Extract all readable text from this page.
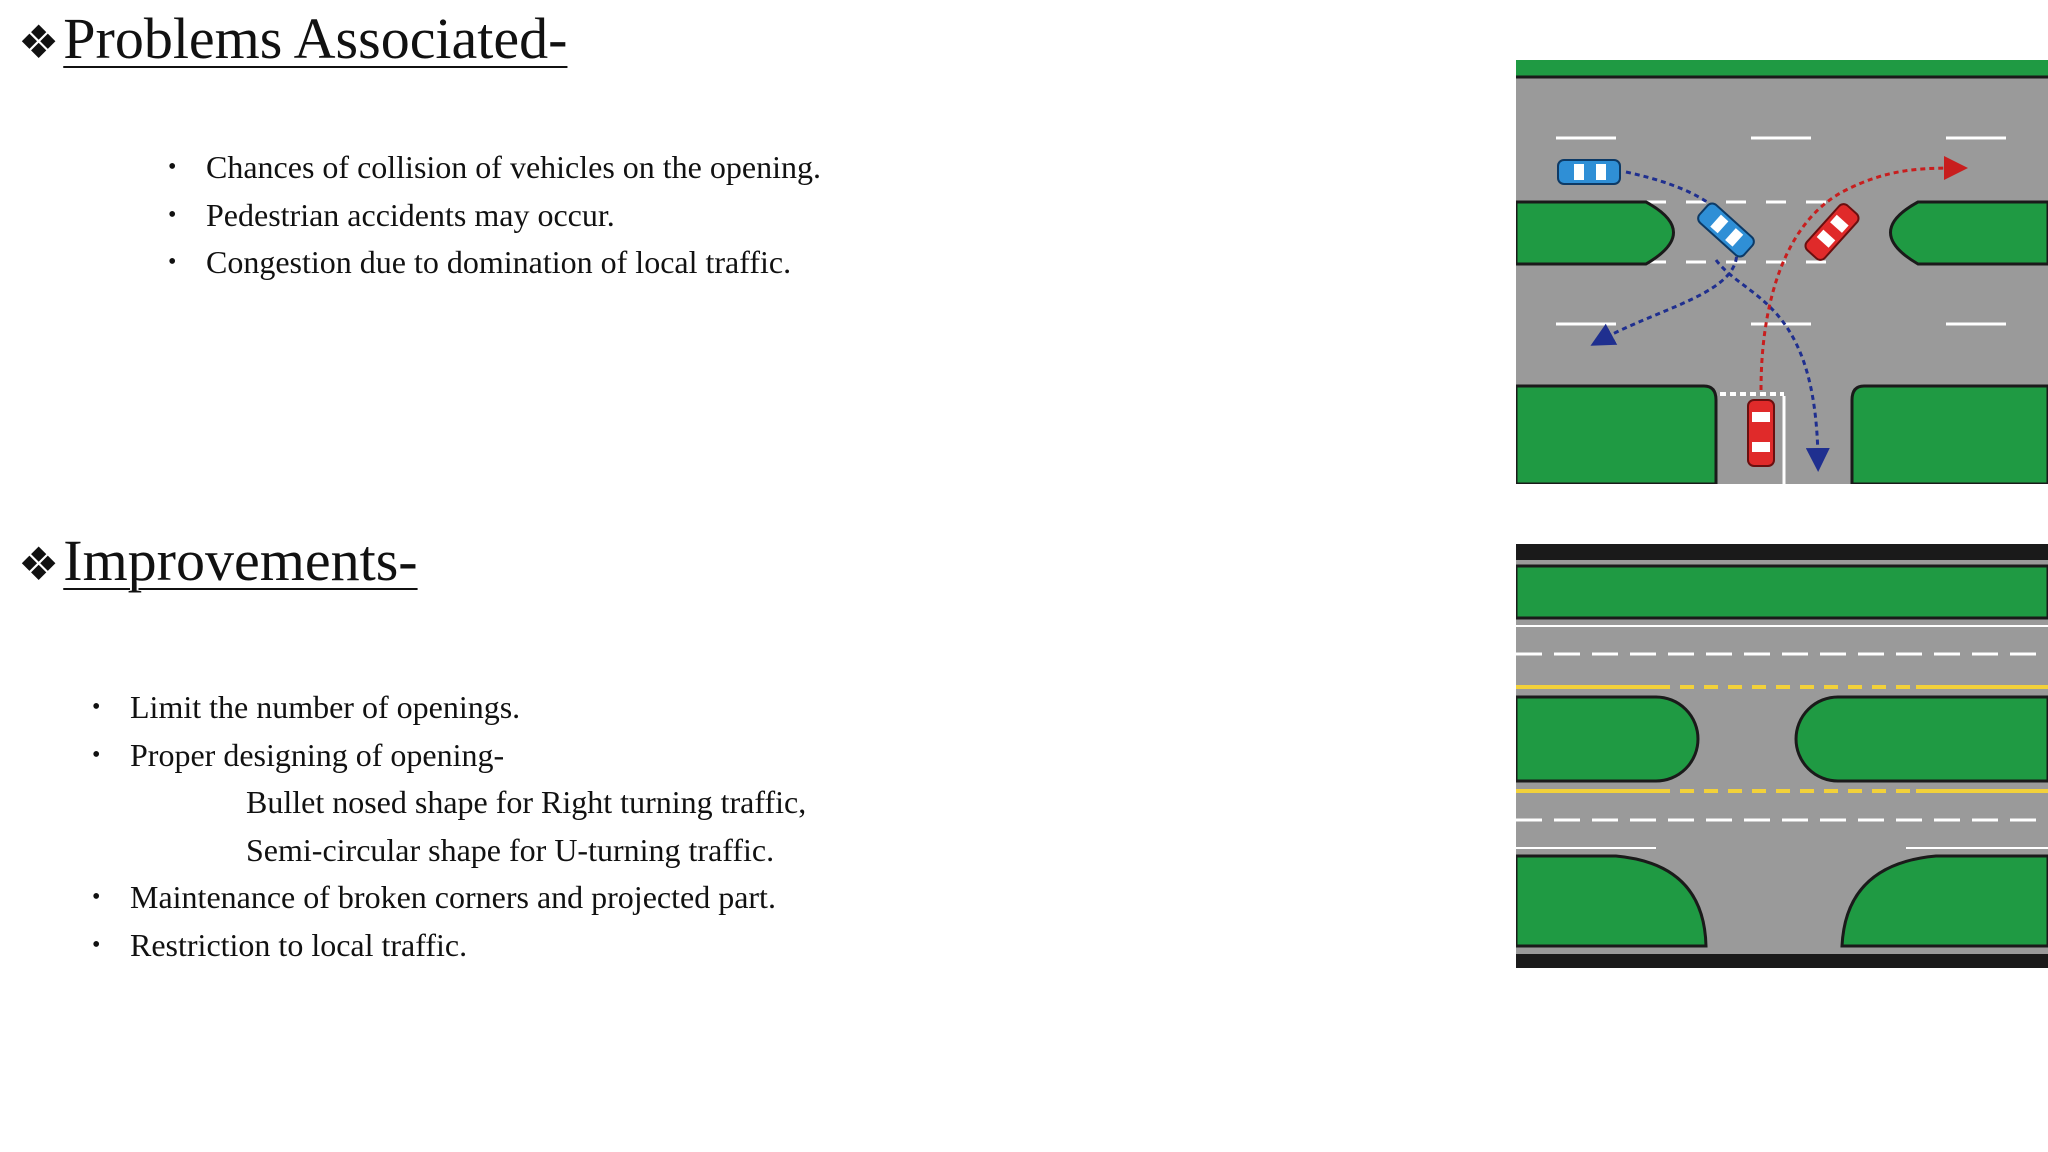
❖ Problems Associated-
• Chances of collision of vehicles on the opening.
• Pedestrian accidents may occur.
• Congestion due to domination of local traffic.
❖ Improvements-
• Limit the number of openings.
• Proper designing of opening-
Bullet nosed shape for Right turning traffic,
Semi-circular shape for U-turning traffic.
• Maintenance of broken corners and projected part.
• Restriction to local traffic.
